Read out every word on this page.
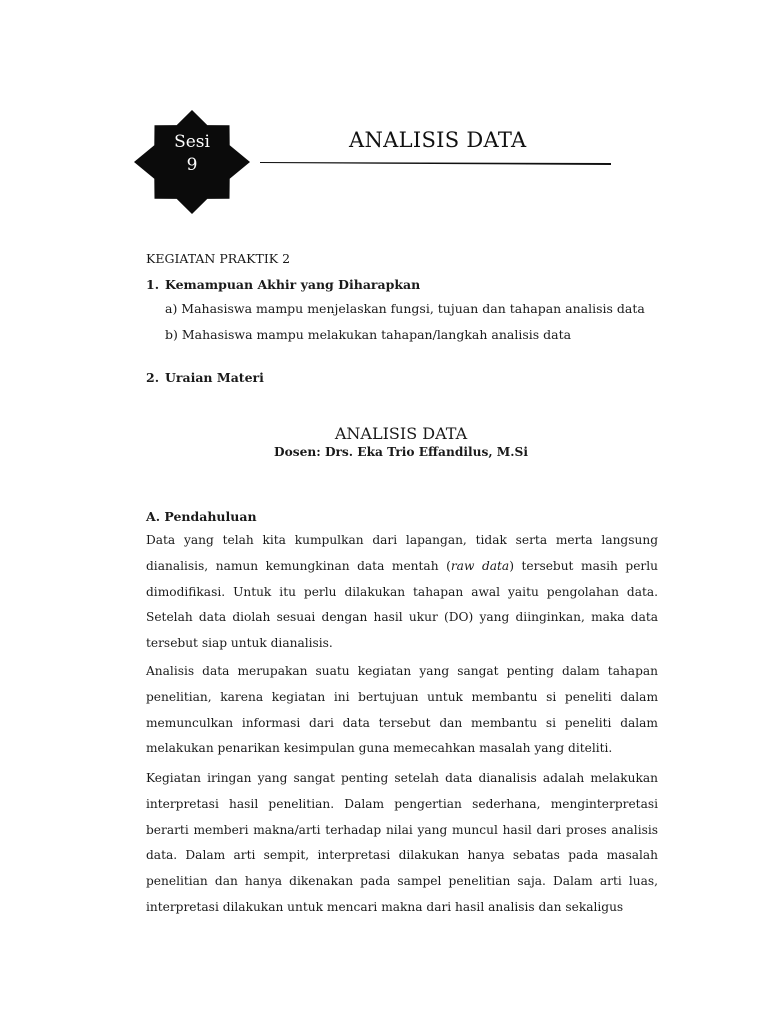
Sesi
9
ANALISIS DATA
KEGIATAN PRAKTIK 2
1. Kemampuan Akhir yang Diharapkan
a) Mahasiswa mampu menjelaskan fungsi, tujuan dan tahapan analisis data
b) Mahasiswa mampu melakukan tahapan/langkah analisis data
2. Uraian Materi
ANALISIS DATA
Dosen: Drs. Eka Trio Effandilus, M.Si
A. Pendahuluan
Data yang telah kita kumpulkan dari lapangan, tidak serta merta langsung dianalisis, namun kemungkinan data mentah (raw data) tersebut masih perlu dimodifikasi. Untuk itu perlu dilakukan tahapan awal yaitu pengolahan data. Setelah data diolah sesuai dengan hasil ukur (DO) yang diinginkan, maka data tersebut siap untuk dianalisis.
Analisis data merupakan suatu kegiatan yang sangat penting dalam tahapan penelitian, karena kegiatan ini bertujuan untuk membantu si peneliti dalam memunculkan informasi dari data tersebut dan membantu si peneliti dalam melakukan penarikan kesimpulan guna memecahkan masalah yang diteliti.
Kegiatan iringan yang sangat penting setelah data dianalisis adalah melakukan interpretasi hasil penelitian. Dalam pengertian sederhana, menginterpretasi berarti memberi makna/arti terhadap nilai yang muncul hasil dari proses analisis data. Dalam arti sempit, interpretasi dilakukan hanya sebatas pada masalah penelitian dan hanya dikenakan pada sampel penelitian saja. Dalam arti luas, interpretasi dilakukan untuk mencari makna dari hasil analisis dan sekaligus
